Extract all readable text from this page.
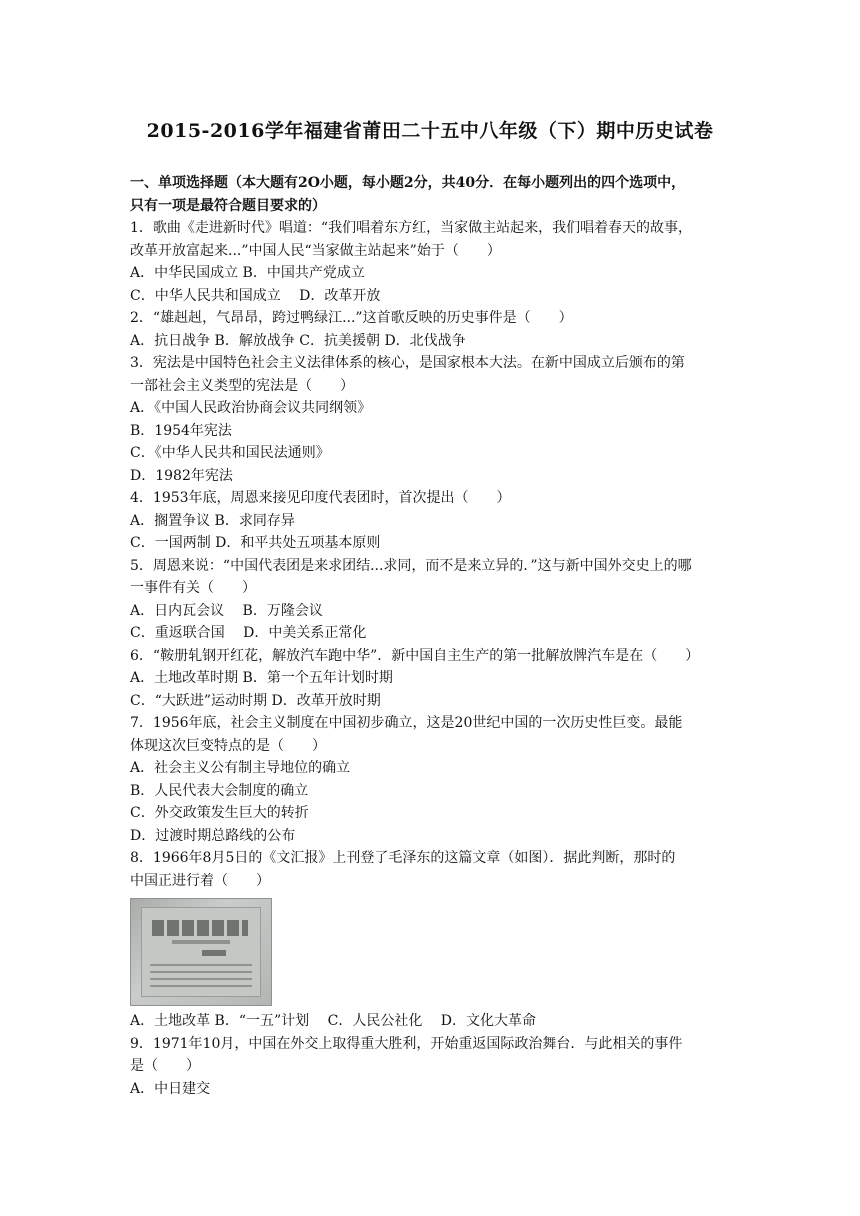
2015-2016学年福建省莆田二十五中八年级（下）期中历史试卷
一、单项选择题（本大题有2O小题，每小题2分，共40分．在每小题列出的四个选项中，
只有一项是最符合题目要求的）
1．歌曲《走进新时代》唱道：“我们唱着东方红，当家做主站起来，我们唱着春天的故事，
改革开放富起来...”中国人民“当家做主站起来”始于（　　）
A．中华民国成立 B．中国共产党成立
C．中华人民共和国成立　 D．改革开放
2．“雄赳赳，气昂昂，跨过鸭绿江...”这首歌反映的历史事件是（　　）
A．抗日战争 B．解放战争 C．抗美援朝 D．北伐战争
3．宪法是中国特色社会主义法律体系的核心，是国家根本大法。在新中国成立后颁布的第
一部社会主义类型的宪法是（　　）
A．《中国人民政治协商会议共同纲领》
B．1954年宪法
C．《中华人民共和国民法通则》
D．1982年宪法
4．1953年底，周恩来接见印度代表团时，首次提出（　　）
A．搁置争议 B．求同存异
C．一国两制 D．和平共处五项基本原则
5．周恩来说：“中国代表团是来求团结...求同，而不是来立异的．”这与新中国外交史上的哪
一事件有关（　　）
A．日内瓦会议　 B．万隆会议
C．重返联合国　 D．中美关系正常化
6．“鞍册轧钢开红花，解放汽车跑中华”．新中国自主生产的第一批解放牌汽车是在（　　）
A．土地改革时期 B．第一个五年计划时期
C．“大跃进”运动时期 D．改革开放时期
7．1956年底，社会主义制度在中国初步确立，这是20世纪中国的一次历史性巨变。最能
体现这次巨变特点的是（　　）
A．社会主义公有制主导地位的确立
B．人民代表大会制度的确立
C．外交政策发生巨大的转折
D．过渡时期总路线的公布
8．1966年8月5日的《文汇报》上刊登了毛泽东的这篇文章（如图）．据此判断，那时的
中国正进行着（　　）
A．土地改革 B．“一五”计划　 C．人民公社化　 D．文化大革命
9．1971年10月，中国在外交上取得重大胜利，开始重返国际政治舞台．与此相关的事件
是（　　）
A．中日建交
